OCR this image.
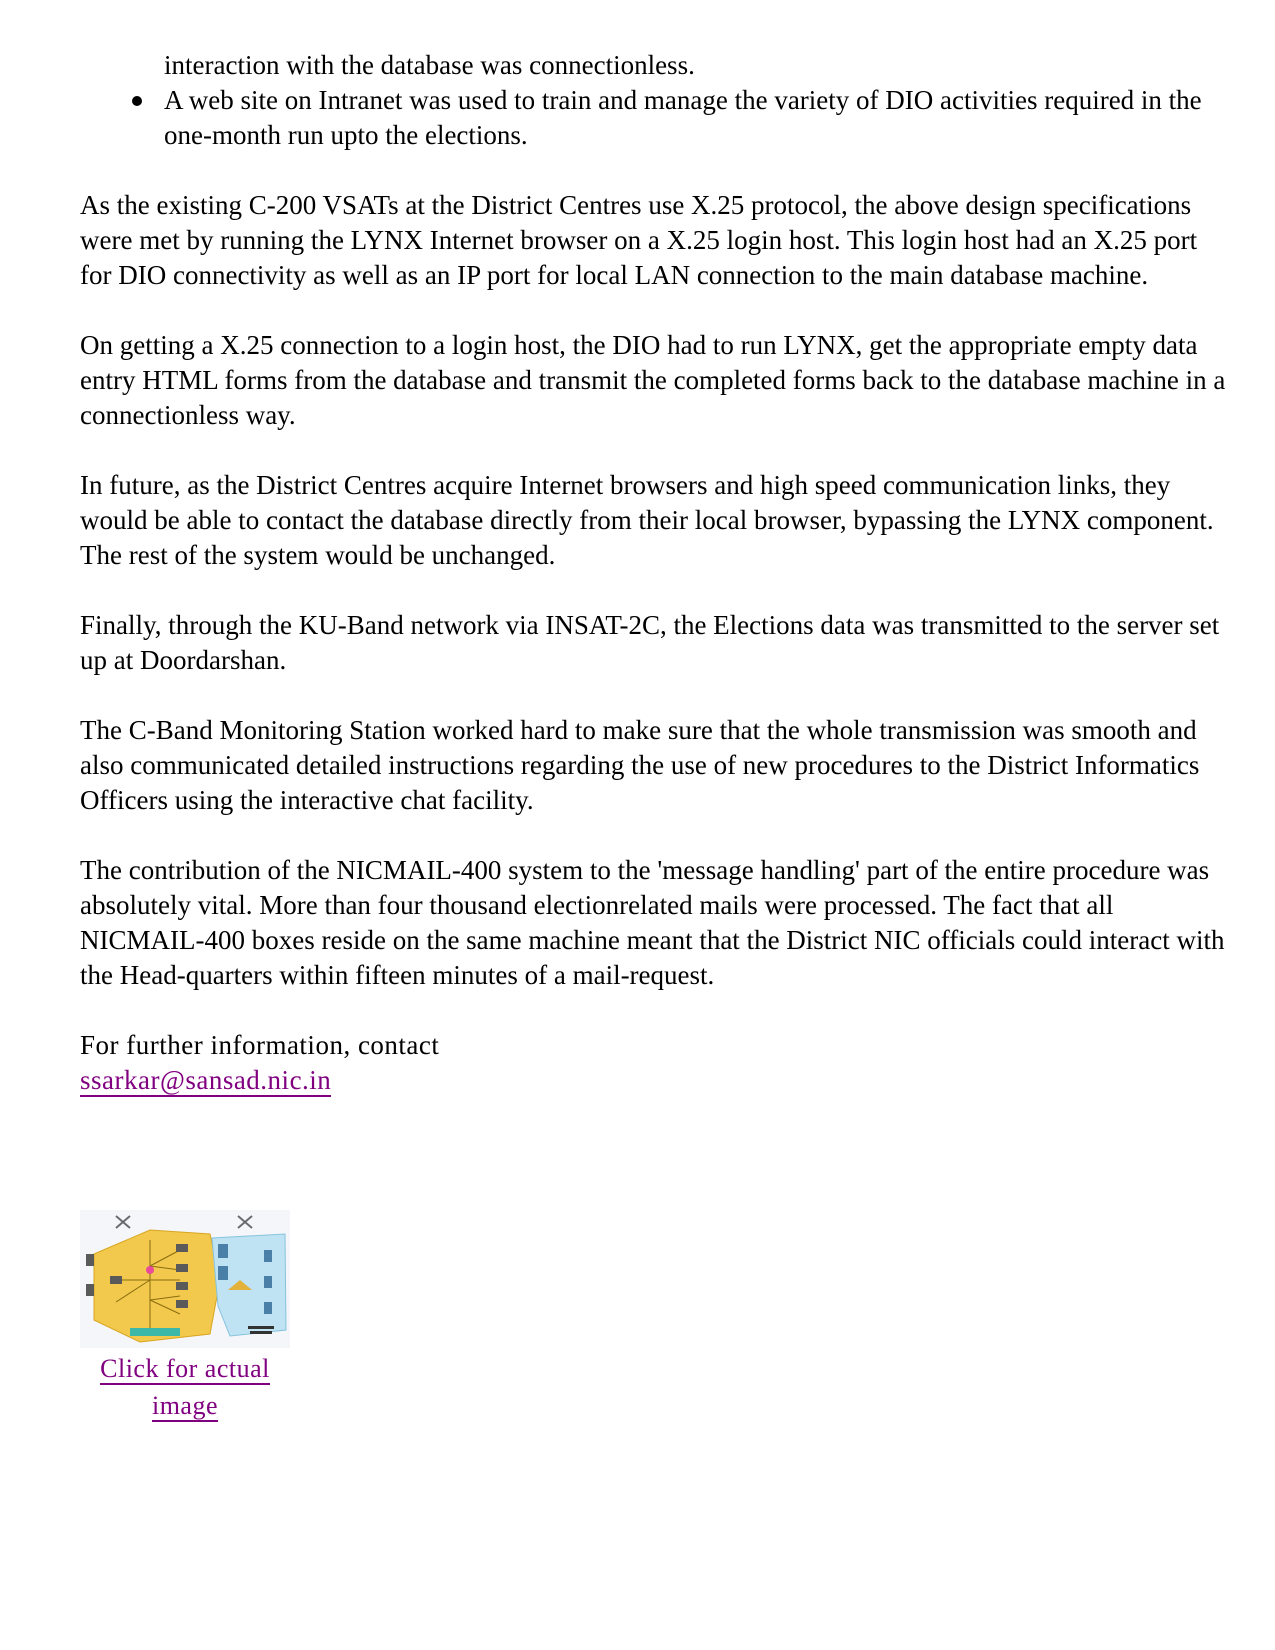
interaction with the database was connectionless.
A web site on Intranet was used to train and manage the variety of DIO activities required in the one-month run upto the elections.

As the existing C-200 VSATs at the District Centres use X.25 protocol, the above design specifications were met by running the LYNX Internet browser on a X.25 login host. This login host had an X.25 port for DIO connectivity as well as an IP port for local LAN connection to the main database machine.

On getting a X.25 connection to a login host, the DIO had to run LYNX, get the appropriate empty data entry HTML forms from the database and transmit the completed forms back to the database machine in a connectionless way.

In future, as the District Centres acquire Internet browsers and high speed communication links, they would be able to contact the database directly from their local browser, bypassing the LYNX component. The rest of the system would be unchanged.

Finally, through the KU-Band network via INSAT-2C, the Elections data was transmitted to the server set up at Doordarshan.

The C-Band Monitoring Station worked hard to make sure that the whole transmission was smooth and also communicated detailed instructions regarding the use of new procedures to the District Informatics Officers using the interactive chat facility.

The contribution of the NICMAIL-400 system to the 'message handling' part of the entire procedure was absolutely vital. More than four thousand electionrelated mails were processed. The fact that all NICMAIL-400 boxes reside on the same machine meant that the District NIC officials could interact with the Head-quarters within fifteen minutes of a mail-request.

For further information, contact
ssarkar@sansad.nic.in
Click for actual image
